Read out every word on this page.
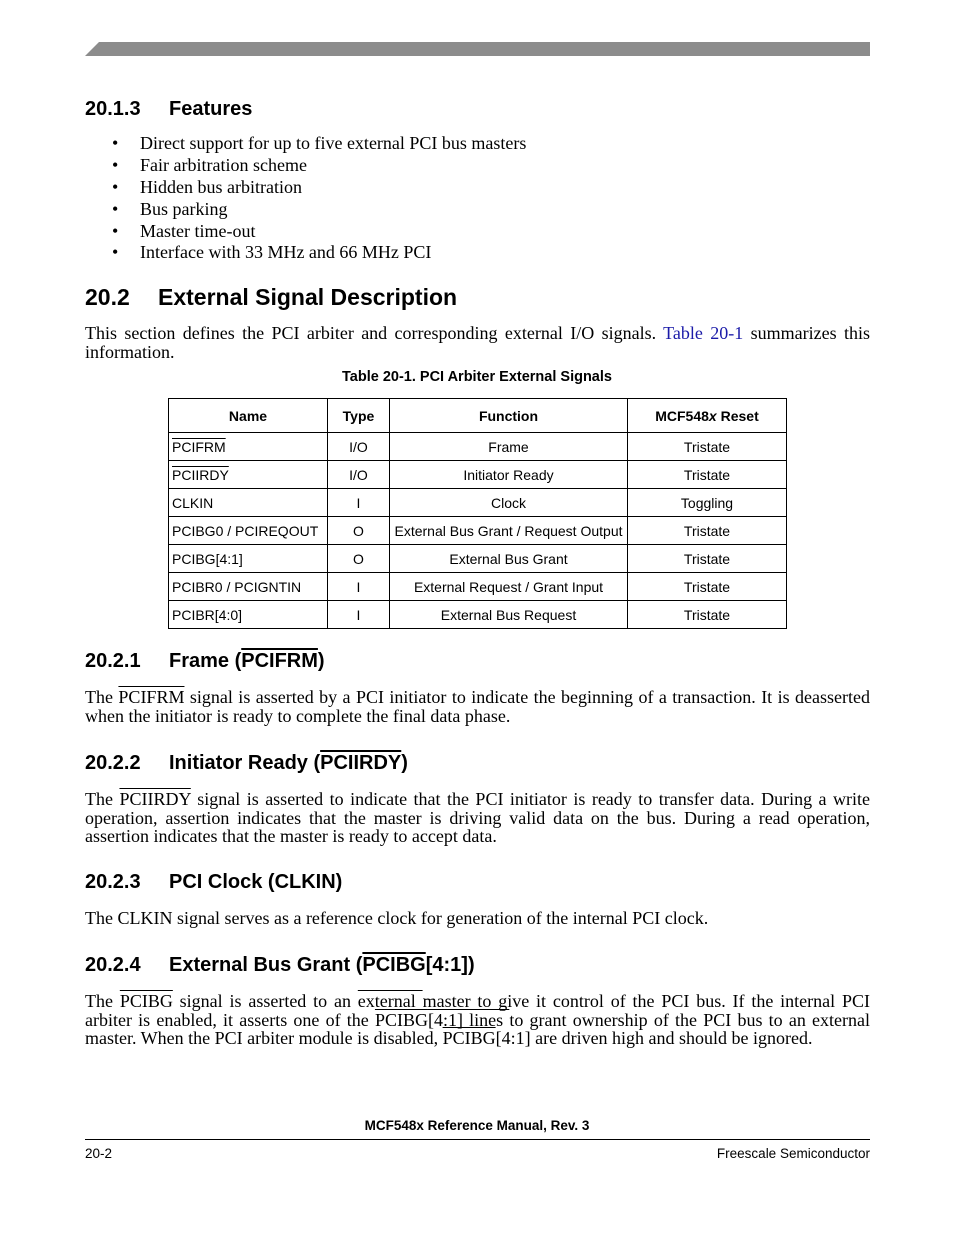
20.1.3 Features
• Direct support for up to five external PCI bus masters
• Fair arbitration scheme
• Hidden bus arbitration
• Bus parking
• Master time-out
• Interface with 33 MHz and 66 MHz PCI
20.2 External Signal Description

This section defines the PCI arbiter and corresponding external I/O signals. Table 20-1 summarizes this information.

Table 20-1. PCI Arbiter External Signals
Name	Type	Function	MCF548x Reset
PCIFRM	I/O	Frame	Tristate
PCIIRDY	I/O	Initiator Ready	Tristate
CLKIN	I	Clock	Toggling
PCIBG0 / PCIREQOUT	O	External Bus Grant / Request Output	Tristate
PCIBG[4:1]	O	External Bus Grant	Tristate
PCIBR0 / PCIGNTIN	I	External Request / Grant Input	Tristate
PCIBR[4:0]	I	External Bus Request	Tristate
20.2.1 Frame (PCIFRM)

The PCIFRM signal is asserted by a PCI initiator to indicate the beginning of a transaction. It is deasserted when the initiator is ready to complete the final data phase.

20.2.2 Initiator Ready (PCIIRDY)

The PCIIRDY signal is asserted to indicate that the PCI initiator is ready to transfer data. During a write operation, assertion indicates that the master is driving valid data on the bus. During a read operation, assertion indicates that the master is ready to accept data.

20.2.3 PCI Clock (CLKIN)

The CLKIN signal serves as a reference clock for generation of the internal PCI clock.

20.2.4 External Bus Grant (PCIBG[4:1])

The PCIBG signal is asserted to an external master to give it control of the PCI bus. If the internal PCI arbiter is enabled, it asserts one of the PCIBG[4:1] lines to grant ownership of the PCI bus to an external master. When the PCI arbiter module is disabled, PCIBG[4:1] are driven high and should be ignored.

MCF548x Reference Manual, Rev. 3
20-2	Freescale Semiconductor
